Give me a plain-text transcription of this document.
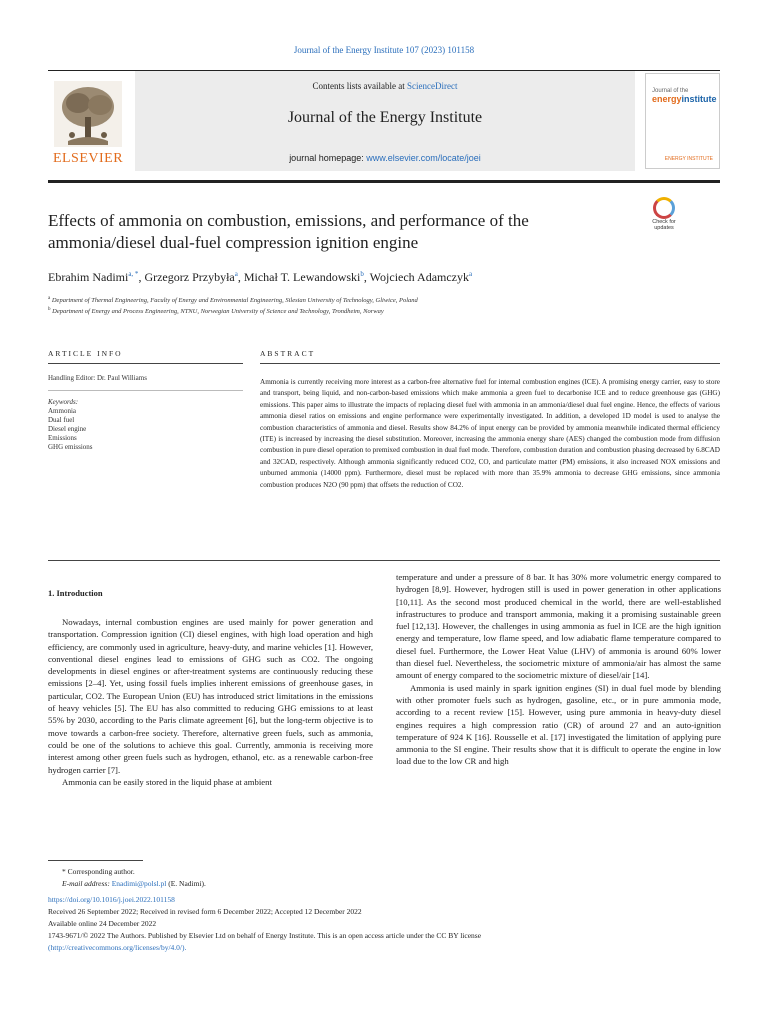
Journal of the Energy Institute 107 (2023) 101158
ELSEVIER
Contents lists available at ScienceDirect
Journal of the Energy Institute
journal homepage: www.elsevier.com/locate/joei
Journal of the
energyinstitute
ENERGY INSTITUTE
Effects of ammonia on combustion, emissions, and performance of the
ammonia/diesel dual-fuel compression ignition engine
Check for updates
Ebrahim Nadimi$^{a, *}$, Grzegorz Przybyła$^a$, Michał T. Lewandowski$^b$, Wojciech Adamczyk$^a$
$^a$ Department of Thermal Engineering, Faculty of Energy and Environmental Engineering, Silesian University of Technology, Gliwice, Poland
$^b$ Department of Energy and Process Engineering, NTNU, Norwegian University of Science and Technology, Trondheim, Norway
ARTICLE INFO	ABSTRACT
Handling Editor: Dr. Paul Williams
Keywords:
Ammonia
Dual fuel
Diesel engine
Emissions
GHG emissions
Ammonia is currently receiving more interest as a carbon-free alternative fuel for internal combustion engines (ICE). A promising energy carrier, easy to store and transport, being liquid, and non-carbon-based emissions which make ammonia a green fuel to decarbonise ICE and to reduce greenhouse gas (GHG) emissions. This paper aims to illustrate the impacts of replacing diesel fuel with ammonia in an ammonia/diesel dual fuel engine. Hence, the effects of various ammonia diesel ratios on emissions and engine performance were experimentally investigated. In addition, a developed 1D model is used to analyse the combustion characteristics of ammonia and diesel. Results show 84.2% of input energy can be provided by ammonia meanwhile indicated thermal efficiency (ITE) is increased by increasing the diesel substitution. Moreover, increasing the ammonia energy share (AES) changed the combustion mode from diffusion combustion in pure diesel operation to premixed combustion in dual fuel mode. Therefore, combustion duration and combustion phasing decreased by 6.8CAD and 32CAD, respectively. Although ammonia significantly reduced CO2, CO, and particulate matter (PM) emissions, it also increased NOX emissions and unburned ammonia (14000 ppm). Furthermore, diesel must be replaced with more than 35.9% ammonia to decrease GHG emissions, since ammonia combustion produces N2O (90 ppm) that offsets the reduction of CO2.
1. Introduction

Nowadays, internal combustion engines are used mainly for power generation and transportation. Compression ignition (CI) diesel engines, with high load operation and high efficiency, are commonly used in agriculture, heavy-duty, and marine vehicles [1]. However, conventional diesel engines lead to emissions of GHG such as CO2. The ongoing developments in diesel engines or after-treatment systems are continuously reducing these emissions [2–4]. Yet, using fossil fuels implies inherent emissions of greenhouse gases, in particular, CO2. The European Union (EU) has introduced strict limitations in the emissions of heavy vehicles [5]. The EU has also committed to reducing GHG emissions to at least 55% by 2030, according to the Paris climate agreement [6], but the long-term objective is to move towards a carbon-free society. Therefore, alternative green fuels, such as ammonia, could be one of the solutions to achieve this goal. Currently, ammonia is receiving more interest among other green fuels such as hydrogen, ethanol, etc. as a renewable carbon-free hydrogen carrier [7].

Ammonia can be easily stored in the liquid phase at ambient

temperature and under a pressure of 8 bar. It has 30% more volumetric energy compared to hydrogen [8,9]. However, hydrogen still is used in power generation in other applications [10,11]. As the second most produced chemical in the world, there are well-established infrastructures to produce and transport ammonia, making it a promising sustainable green fuel [12,13]. However, the challenges in using ammonia as fuel in ICE are the high ignition energy and temperature, low flame speed, and low adiabatic flame temperature compared to diesel fuel. Furthermore, the Lower Heat Value (LHV) of ammonia is around 60% lower than diesel fuel. Nevertheless, the sociometric mixture of ammonia/air has almost the same amount of energy compared to the sociometric mixture of diesel/air [14].

Ammonia is used mainly in spark ignition engines (SI) in dual fuel mode by blending with other promoter fuels such as hydrogen, gasoline, etc., or in pure ammonia mode, according to a recent review [15]. However, using pure ammonia in heavy-duty diesel engines requires a high compression ratio (CR) of around 27 and an auto-ignition temperature of 924 K [16]. Rousselle et al. [17] investigated the limitation of applying pure ammonia to the SI engine. Their results show that it is difficult to operate the engine in low load due to the low CR and high

* Corresponding author.
E-mail address: Enadimi@polsl.pl (E. Nadimi).
https://doi.org/10.1016/j.joei.2022.101158
Received 26 September 2022; Received in revised form 6 December 2022; Accepted 12 December 2022
Available online 24 December 2022
1743-9671/© 2022 The Authors. Published by Elsevier Ltd on behalf of Energy Institute. This is an open access article under the CC BY license
(http://creativecommons.org/licenses/by/4.0/).
